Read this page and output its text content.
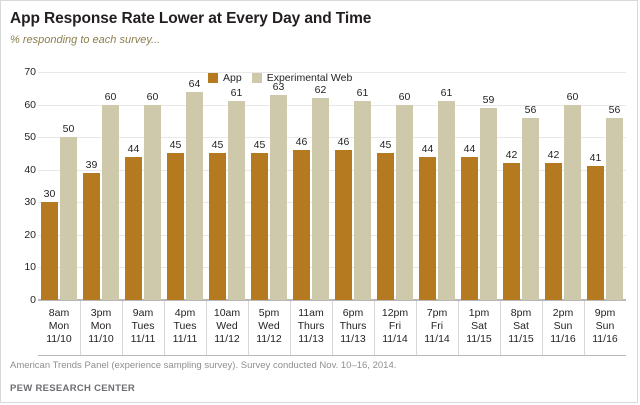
App Response Rate Lower at Every Day and Time
% responding to each survey...
App Experimental Web
0
10
20
30
40
50
60
70
30
50
39
60
44
60
45
64
45
61
45
63
46
62
46
61
45
60
44
61
44
59
42
56
42
60
41
56
8am
Mon
11/10
3pm
Mon
11/10
9am
Tues
11/11
4pm
Tues
11/11
10am
Wed
11/12
5pm
Wed
11/12
11am
Thurs
11/13
6pm
Thurs
11/13
12pm
Fri
11/14
7pm
Fri
11/14
1pm
Sat
11/15
8pm
Sat
11/15
2pm
Sun
11/16
9pm
Sun
11/16
American Trends Panel (experience sampling survey). Survey conducted Nov. 10–16, 2014.
PEW RESEARCH CENTER
